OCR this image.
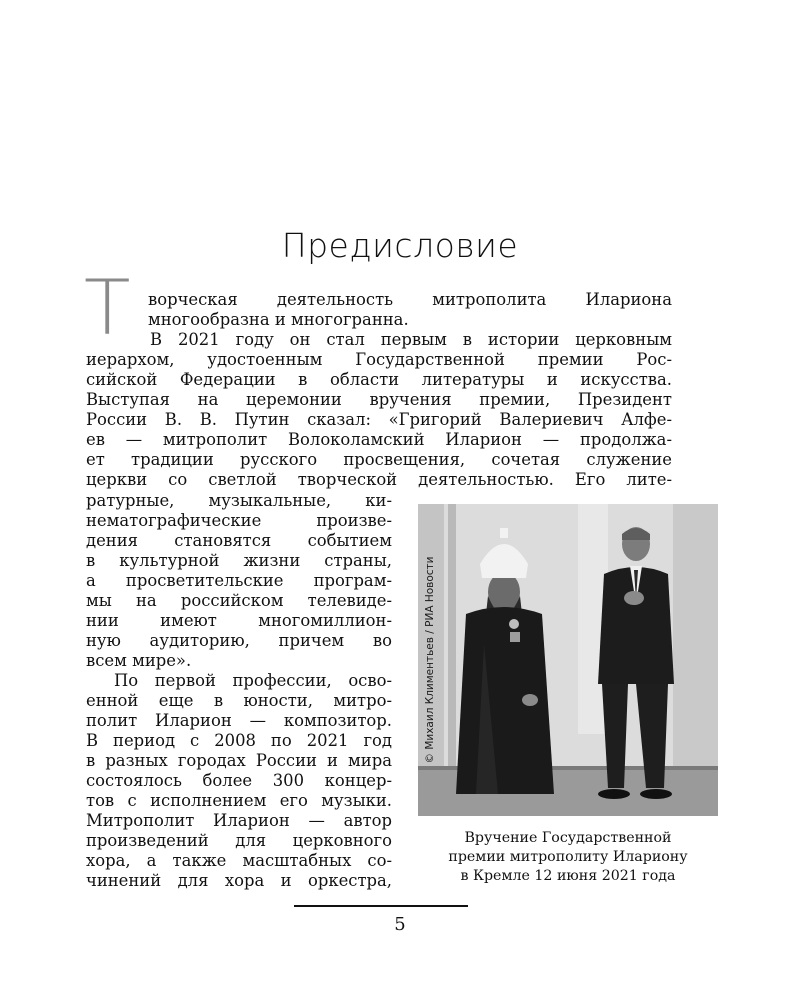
Предисловие
Т ворческая деятельность митрополита Илариона
многообразна и многогранна.
В 2021 году он стал первым в истории церковным
иерархом, удостоенным Государственной премии Рос-
сийской Федерации в области литературы и искусства.
Выступая на церемонии вручения премии, Президент
России В. В. Путин сказал: «Григорий Валериевич Алфе-
ев — митрополит Волоколамский Иларион — продолжа-
ет традиции русского просвещения, сочетая служение
церкви со светлой творческой деятельностью. Его лите-
ратурные, музыкальные, ки-
нематографические произве-
дения становятся событием
в культурной жизни страны,
а просветительские програм-
мы на российском телевиде-
нии имеют многомиллион-
ную аудиторию, причем во
всем мире».
По первой профессии, осво-
енной еще в юности, митро-
полит Иларион — композитор.
В период с 2008 по 2021 год
в разных городах России и мира
состоялось более 300 концер-
тов с исполнением его музыки.
Митрополит Иларион — автор
произведений для церковного
хора, а также масштабных со-
чинений для хора и оркестра,
© Михаил Климентьев / РИА Новости
Вручение Государственной
премии митрополиту Илариону
в Кремле 12 июня 2021 года
5
